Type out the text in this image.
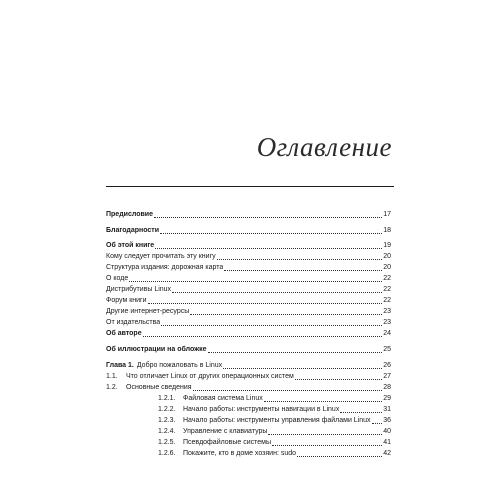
Оглавление
Предисловие	17
Благодарности	18
Об этой книге	19
Кому следует прочитать эту книгу	20
Структура издания: дорожная карта	20
О коде	22
Дистрибутивы Linux	22
Форум книги	22
Другие интернет-ресурсы	23
От издательства	23
Об авторе	24
Об иллюстрации на обложке	25
Глава 1. Добро пожаловать в Linux	26
1.1.	Что отличает Linux от других операционных систем	27
1.2.	Основные сведения	28
1.2.1.	Файловая система Linux	29
1.2.2.	Начало работы: инструменты навигации в Linux	31
1.2.3.	Начало работы: инструменты управления файлами Linux 36
1.2.4.	Управление с клавиатуры	40
1.2.5.	Псевдофайловые системы	41
1.2.6.	Покажите, кто в доме хозяин: sudo	42
